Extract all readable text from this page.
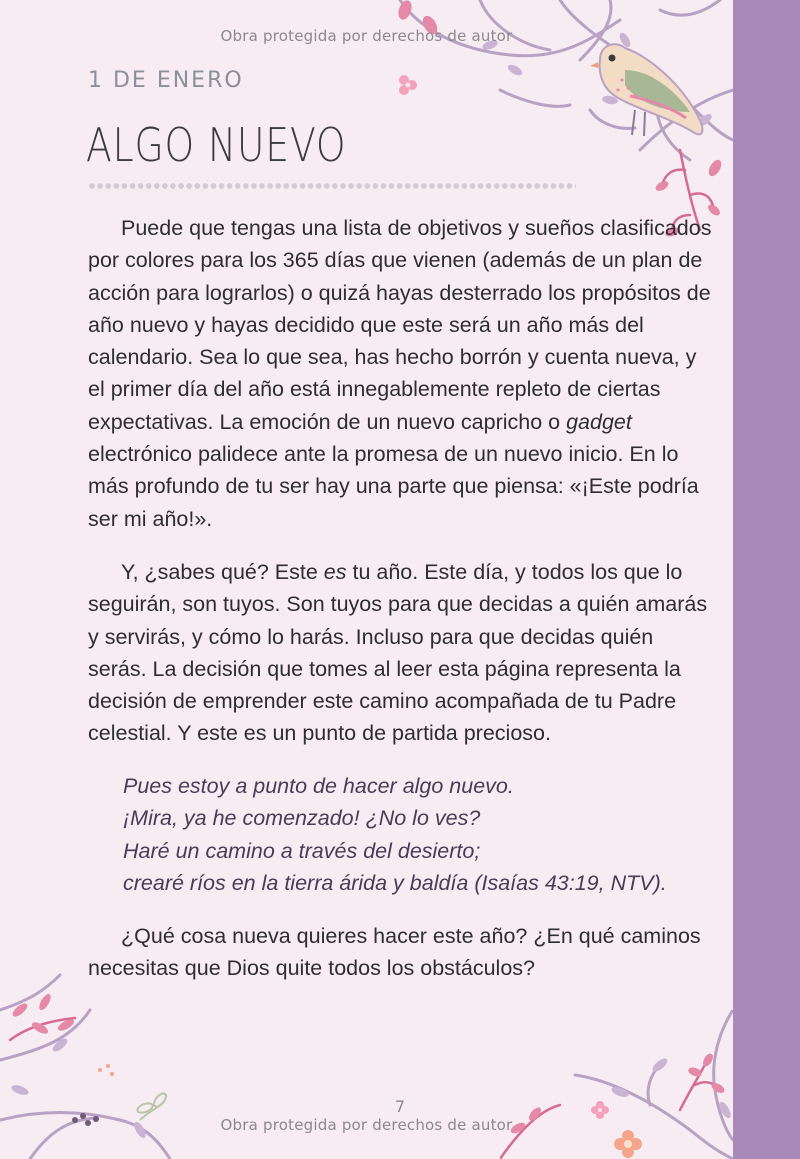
Obra protegida por derechos de autor
1 DE ENERO
ALGO NUEVO

Puede que tengas una lista de objetivos y sueños clasificados por colores para los 365 días que vienen (además de un plan de acción para lograrlos) o quizá hayas desterrado los propósitos de año nuevo y hayas decidido que este será un año más del calendario. Sea lo que sea, has hecho borrón y cuenta nueva, y el primer día del año está innegablemente repleto de ciertas expectativas. La emoción de un nuevo capricho o gadget electrónico palidece ante la promesa de un nuevo inicio. En lo más profundo de tu ser hay una parte que piensa: «¡Este podría ser mi año!».

Y, ¿sabes qué? Este es tu año. Este día, y todos los que lo seguirán, son tuyos. Son tuyos para que decidas a quién amarás y servirás, y cómo lo harás. Incluso para que decidas quién serás. La decisión que tomes al leer esta página representa la decisión de emprender este camino acompañada de tu Padre celestial. Y este es un punto de partida precioso.

Pues estoy a punto de hacer algo nuevo.
¡Mira, ya he comenzado! ¿No lo ves?
Haré un camino a través del desierto;
crearé ríos en la tierra árida y baldía (Isaías 43:19, NTV).

¿Qué cosa nueva quieres hacer este año? ¿En qué caminos necesitas que Dios quite todos los obstáculos?

Obra protegida por derechos de autor
7
